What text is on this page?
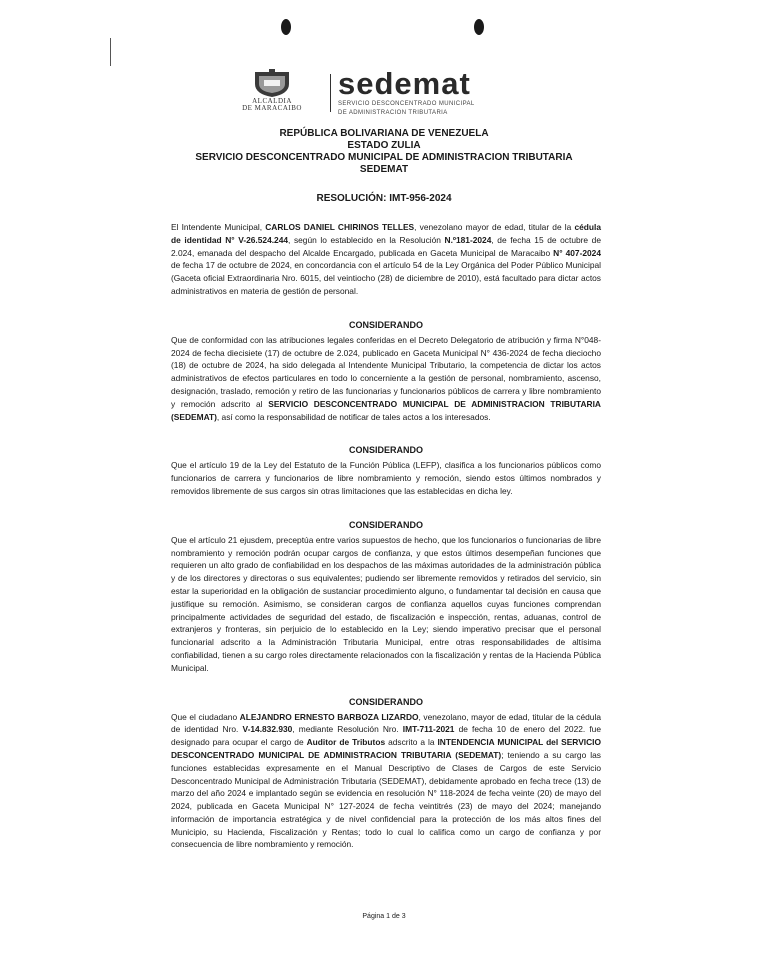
ALCALDIA
DE MARACAIBO
sedemat
SERVICIO DESCONCENTRADO MUNICIPAL
DE ADMINISTRACION TRIBUTARIA
REPÚBLICA BOLIVARIANA DE VENEZUELA
ESTADO ZULIA
SERVICIO DESCONCENTRADO MUNICIPAL DE ADMINISTRACION TRIBUTARIA
SEDEMAT
RESOLUCIÓN: IMT-956-2024

El Intendente Municipal, CARLOS DANIEL CHIRINOS TELLES, venezolano mayor de edad, titular de la cédula de identidad N° V-26.524.244, según lo establecido en la Resolución N.º181-2024, de fecha 15 de octubre de 2.024, emanada del despacho del Alcalde Encargado, publicada en Gaceta Municipal de Maracaibo N° 407-2024 de fecha 17 de octubre de 2024, en concordancia con el artículo 54 de la Ley Orgánica del Poder Público Municipal (Gaceta oficial Extraordinaria Nro. 6015, del veintiocho (28) de diciembre de 2010), está facultado para dictar actos administrativos en materia de gestión de personal.

CONSIDERANDO

Que de conformidad con las atribuciones legales conferidas en el Decreto Delegatorio de atribución y firma N°048-2024 de fecha diecisiete (17) de octubre de 2.024, publicado en Gaceta Municipal N° 436-2024 de fecha dieciocho (18) de octubre de 2024, ha sido delegada al Intendente Municipal Tributario, la competencia de dictar los actos administrativos de efectos particulares en todo lo concerniente a la gestión de personal, nombramiento, ascenso, designación, traslado, remoción y retiro de las funcionarias y funcionarios públicos de carrera y libre nombramiento y remoción adscrito al SERVICIO DESCONCENTRADO MUNICIPAL DE ADMINISTRACION TRIBUTARIA (SEDEMAT), así como la responsabilidad de notificar de tales actos a los interesados.

CONSIDERANDO

Que el artículo 19 de la Ley del Estatuto de la Función Pública (LEFP), clasifica a los funcionarios públicos como funcionarios de carrera y funcionarios de libre nombramiento y remoción, siendo estos últimos nombrados y removidos libremente de sus cargos sin otras limitaciones que las establecidas en dicha ley.

CONSIDERANDO

Que el artículo 21 ejusdem, preceptúa entre varios supuestos de hecho, que los funcionarios o funcionarias de libre nombramiento y remoción podrán ocupar cargos de confianza, y que estos últimos desempeñan funciones que requieren un alto grado de confiabilidad en los despachos de las máximas autoridades de la administración pública y de los directores y directoras o sus equivalentes; pudiendo ser libremente removidos y retirados del servicio, sin estar la superioridad en la obligación de sustanciar procedimiento alguno, o fundamentar tal decisión en causa que justifique su remoción. Asimismo, se consideran cargos de confianza aquellos cuyas funciones comprendan principalmente actividades de seguridad del estado, de fiscalización e inspección, rentas, aduanas, control de extranjeros y fronteras, sin perjuicio de lo establecido en la Ley; siendo imperativo precisar que el personal funcionarial adscrito a la Administración Tributaria Municipal, entre otras responsabilidades de altísima confiabilidad, tienen a su cargo roles directamente relacionados con la fiscalización y rentas de la Hacienda Pública Municipal.

CONSIDERANDO

Que el ciudadano ALEJANDRO ERNESTO BARBOZA LIZARDO, venezolano, mayor de edad, titular de la cédula de identidad Nro. V-14.832.930, mediante Resolución Nro. IMT-711-2021 de fecha 10 de enero del 2022. fue designado para ocupar el cargo de Auditor de Tributos adscrito a la INTENDENCIA MUNICIPAL del SERVICIO DESCONCENTRADO MUNICIPAL DE ADMINISTRACION TRIBUTARIA (SEDEMAT); teniendo a su cargo las funciones establecidas expresamente en el Manual Descriptivo de Clases de Cargos de este Servicio Desconcentrado Municipal de Administración Tributaria (SEDEMAT), debidamente aprobado en fecha trece (13) de marzo del año 2024 e implantado según se evidencia en resolución N° 118-2024 de fecha veinte (20) de mayo del 2024, publicada en Gaceta Municipal N° 127-2024 de fecha veintitrés (23) de mayo del 2024; manejando información de importancia estratégica y de nivel confidencial para la protección de los más altos fines del Municipio, su Hacienda, Fiscalización y Rentas; todo lo cual lo califica como un cargo de confianza y por consecuencia de libre nombramiento y remoción.

Página 1 de 3
